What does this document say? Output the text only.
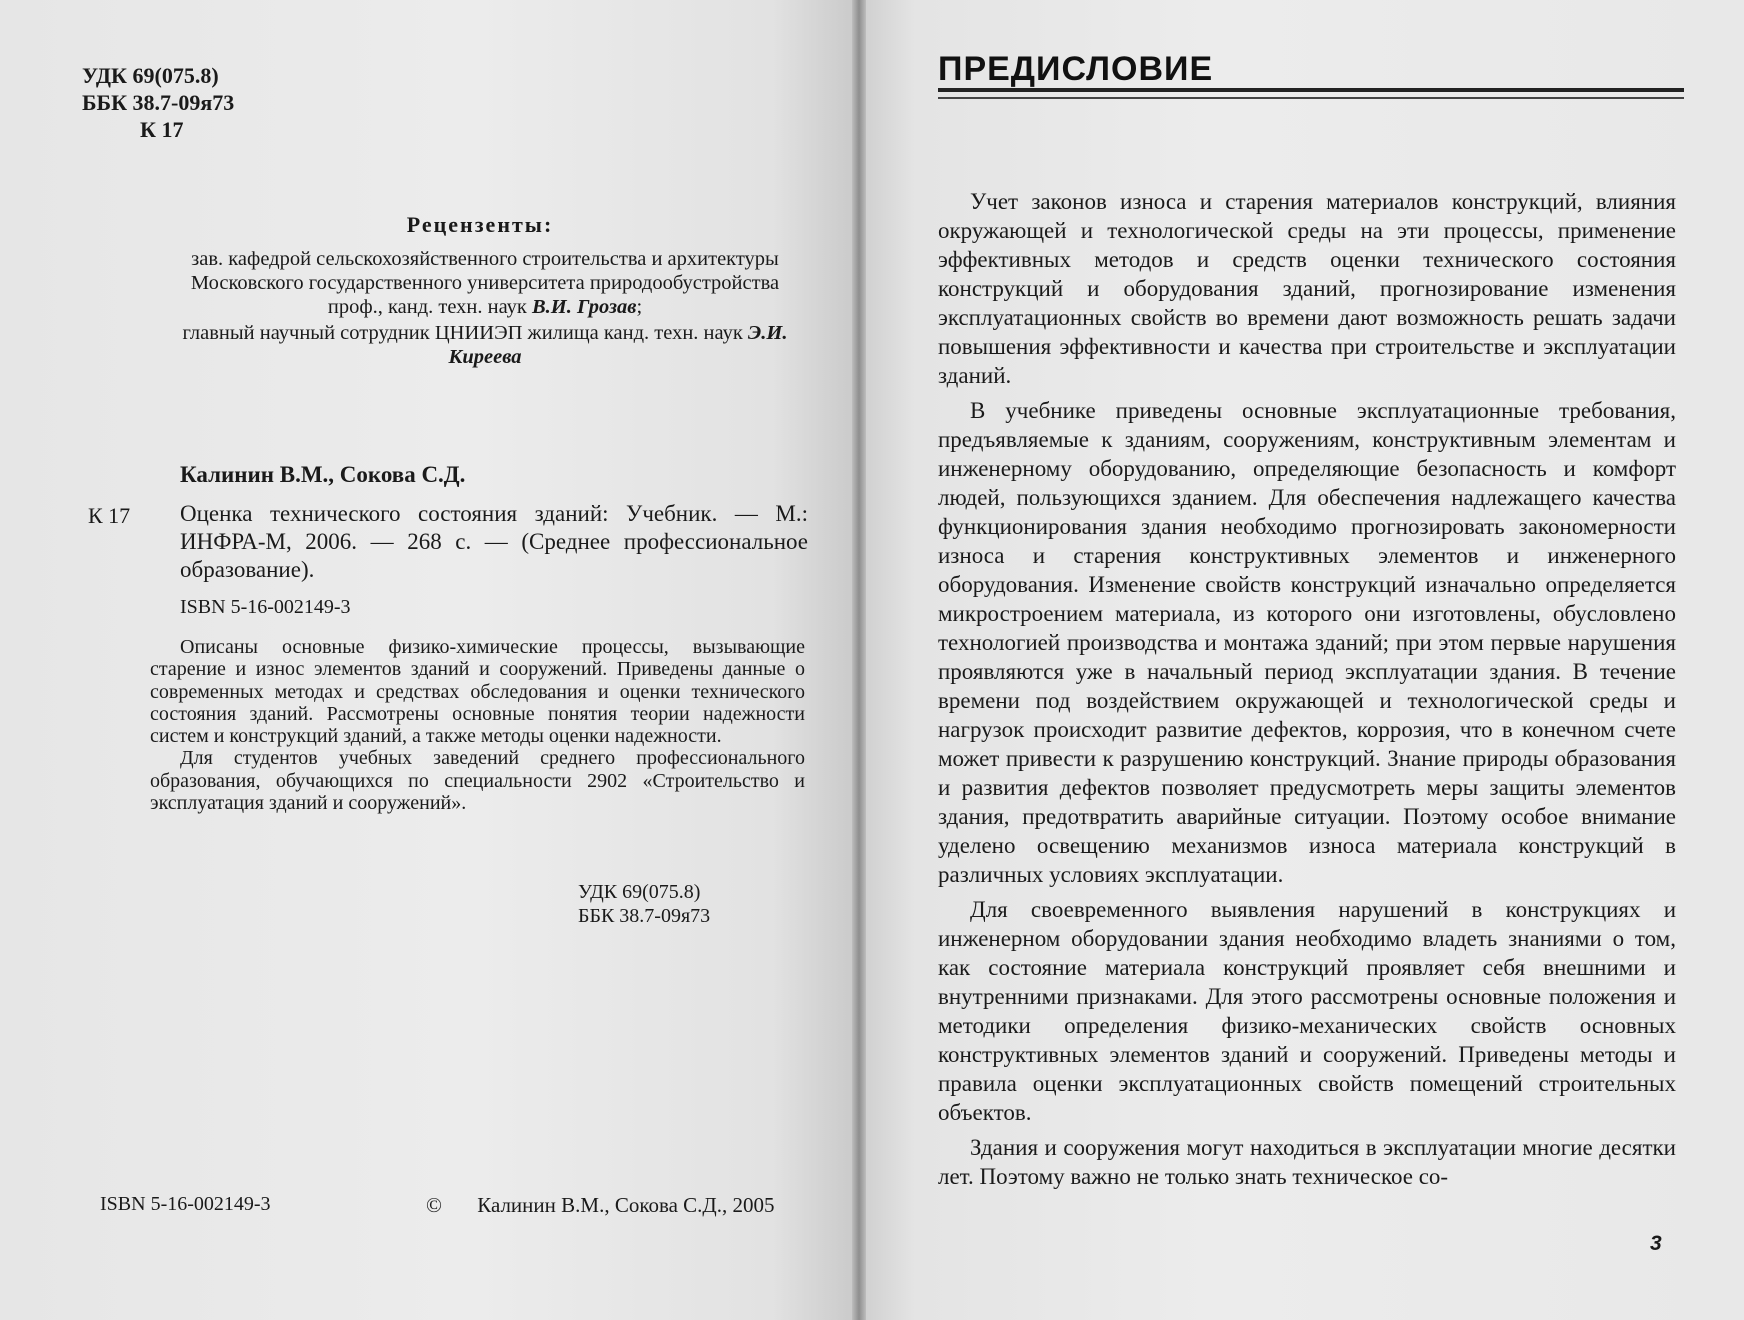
УДК 69(075.8)
ББК 38.7-09я73
К 17
Рецензенты:
зав. кафедрой сельскохозяйственного строительства и архитектуры Московского государственного университета природообустройства проф., канд. техн. наук В.И. Грозав;
главный научный сотрудник ЦНИИЭП жилища канд. техн. наук Э.И. Киреева
Калинин В.М., Сокова С.Д.
К 17 Оценка технического состояния зданий: Учебник. — М.: ИНФРА-М, 2006. — 268 с. — (Среднее профессиональное образование).
ISBN 5-16-002149-3

Описаны основные физико-химические процессы, вызывающие старение и износ элементов зданий и сооружений. Приведены данные о современных методах и средствах обследования и оценки технического состояния зданий. Рассмотрены основные понятия теории надежности систем и конструкций зданий, а также методы оценки надежности.

Для студентов учебных заведений среднего профессионального образования, обучающихся по специальности 2902 «Строительство и эксплуатация зданий и сооружений».

УДК 69(075.8)
ББК 38.7-09я73
ISBN 5-16-002149-3	© Калинин В.М., Сокова С.Д., 2005
ПРЕДИСЛОВИЕ

Учет законов износа и старения материалов конструкций, влияния окружающей и технологической среды на эти процессы, применение эффективных методов и средств оценки технического состояния конструкций и оборудования зданий, прогнозирование изменения эксплуатационных свойств во времени дают возможность решать задачи повышения эффективности и качества при строительстве и эксплуатации зданий.

В учебнике приведены основные эксплуатационные требования, предъявляемые к зданиям, сооружениям, конструктивным элементам и инженерному оборудованию, определяющие безопасность и комфорт людей, пользующихся зданием. Для обеспечения надлежащего качества функционирования здания необходимо прогнозировать закономерности износа и старения конструктивных элементов и инженерного оборудования. Изменение свойств конструкций изначально определяется микростроением материала, из которого они изготовлены, обусловлено технологией производства и монтажа зданий; при этом первые нарушения проявляются уже в начальный период эксплуатации здания. В течение времени под воздействием окружающей и технологической среды и нагрузок происходит развитие дефектов, коррозия, что в конечном счете может привести к разрушению конструкций. Знание природы образования и развития дефектов позволяет предусмотреть меры защиты элементов здания, предотвратить аварийные ситуации. Поэтому особое внимание уделено освещению механизмов износа материала конструкций в различных условиях эксплуатации.

Для своевременного выявления нарушений в конструкциях и инженерном оборудовании здания необходимо владеть знаниями о том, как состояние материала конструкций проявляет себя внешними и внутренними признаками. Для этого рассмотрены основные положения и методики определения физико-механических свойств основных конструктивных элементов зданий и сооружений. Приведены методы и правила оценки эксплуатационных свойств помещений строительных объектов.

Здания и сооружения могут находиться в эксплуатации многие десятки лет. Поэтому важно не только знать техническое со-

3
